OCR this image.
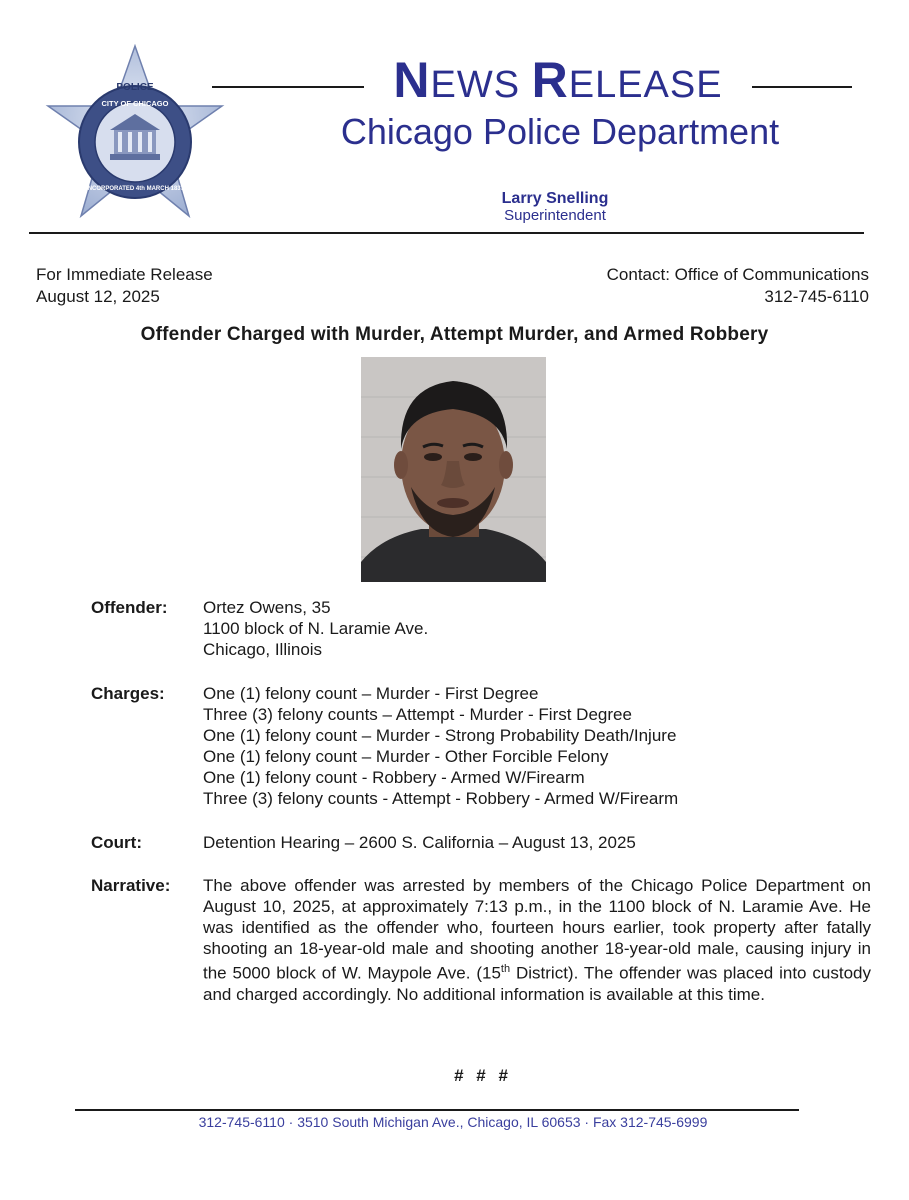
POLICE
CITY OF CHICAGO
INCORPORATED 4th MARCH 1837
NEWS RELEASE
Chicago Police Department
Larry Snelling
Superintendent
For Immediate Release
August 12, 2025
Contact: Office of Communications
312-745-6110
Offender Charged with Murder, Attempt Murder, and Armed Robbery
Offender:	Ortez Owens, 35
1100 block of N. Laramie Ave.
Chicago, Illinois
Charges:	One (1) felony count – Murder - First Degree
Three (3) felony counts – Attempt - Murder - First Degree
One (1) felony count – Murder - Strong Probability Death/Injure
One (1) felony count – Murder - Other Forcible Felony
One (1) felony count - Robbery - Armed W/Firearm
Three (3) felony counts - Attempt - Robbery - Armed W/Firearm
Court:	Detention Hearing – 2600 S. California – August 13, 2025
Narrative:	The above offender was arrested by members of the Chicago Police Department on August 10, 2025, at approximately 7:13 p.m., in the 1100 block of N. Laramie Ave. He was identified as the offender who, fourteen hours earlier, took property after fatally shooting an 18-year-old male and shooting another 18-year-old male, causing injury in the 5000 block of W. Maypole Ave. (15th District). The offender was placed into custody and charged accordingly. No additional information is available at this time.
# # #
312-745-6110 · 3510 South Michigan Ave., Chicago, IL 60653 · Fax 312-745-6999
